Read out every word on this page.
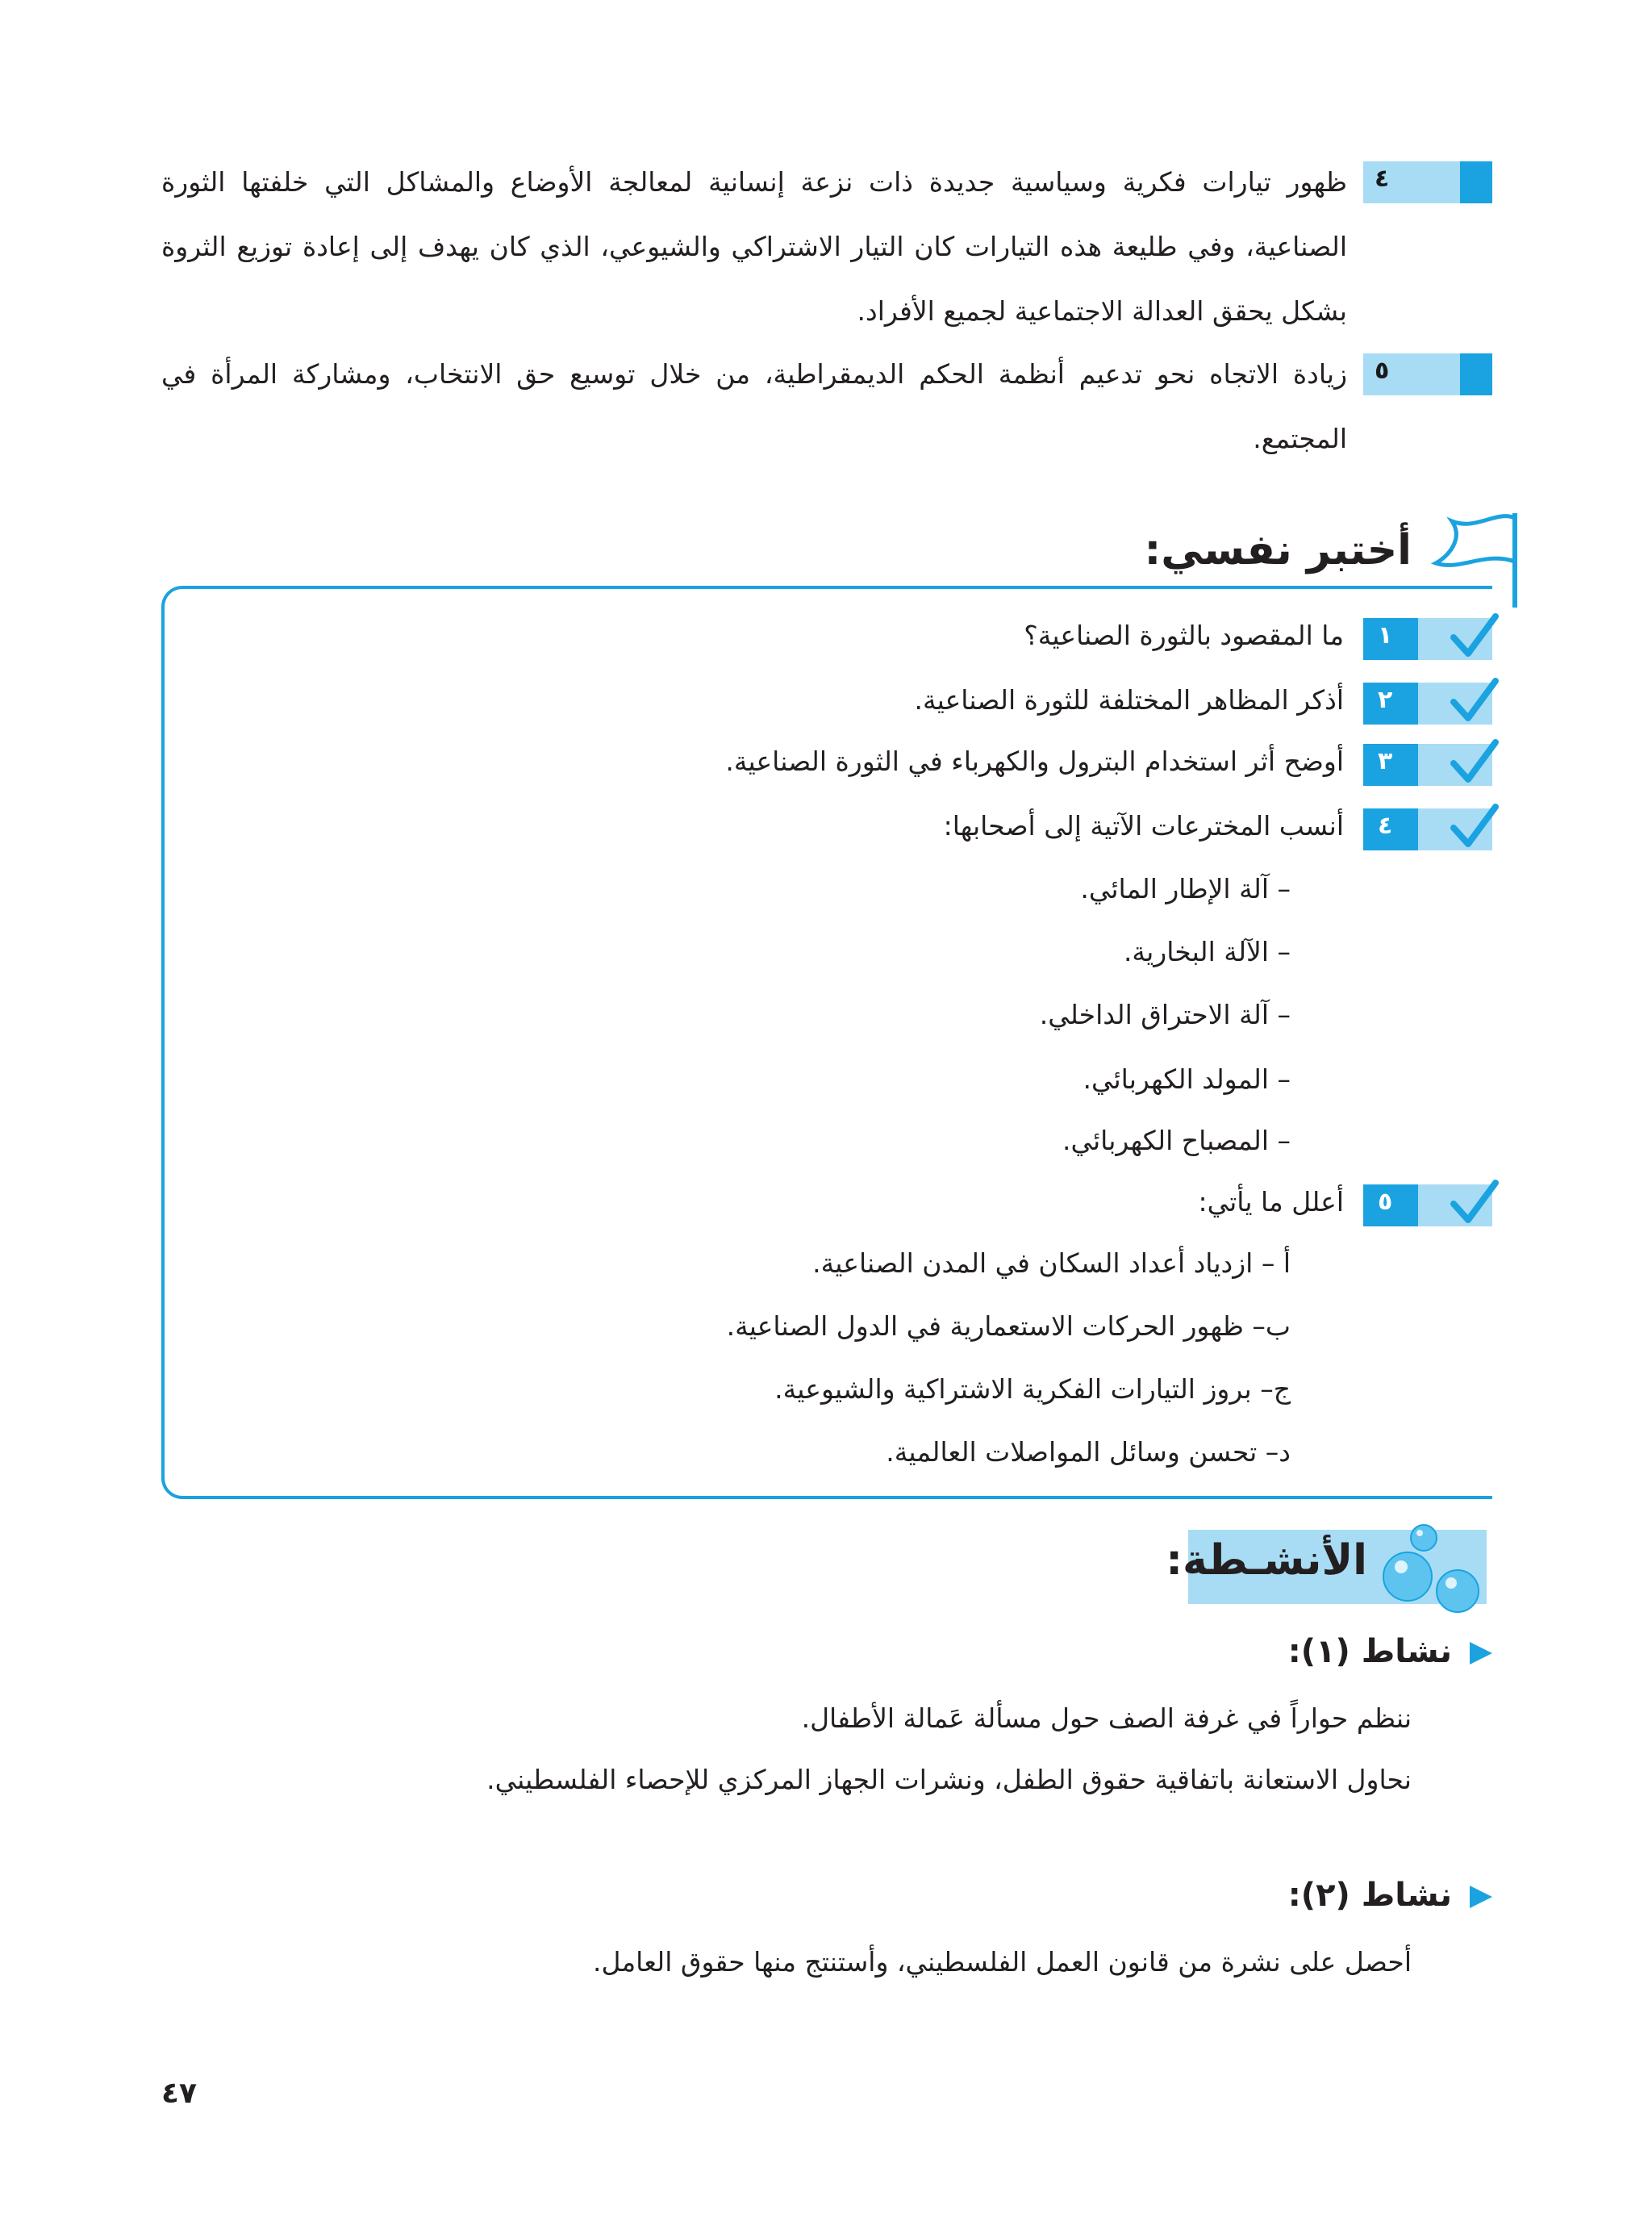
٤

ظهور تيارات فكرية وسياسية جديدة ذات نزعة إنسانية لمعالجة الأوضاع والمشاكل التي خلفتها الثورة الصناعية، وفي طليعة هذه التيارات كان التيار الاشتراكي والشيوعي، الذي كان يهدف إلى إعادة توزيع الثروة بشكل يحقق العدالة الاجتماعية لجميع الأفراد.

٥

زيادة الاتجاه نحو تدعيم أنظمة الحكم الديمقراطية، من خلال توسيع حق الانتخاب، ومشاركة المرأة في المجتمع.

أختبر نفسي:
١
ما المقصود بالثورة الصناعية؟
٢
أذكر المظاهر المختلفة للثورة الصناعية.
٣
أوضح أثر استخدام البترول والكهرباء في الثورة الصناعية.
٤
أنسب المخترعات الآتية إلى أصحابها:
– آلة الإطار المائي.
– الآلة البخارية.
– آلة الاحتراق الداخلي.
– المولد الكهربائي.
– المصباح الكهربائي.
٥
أعلل ما يأتي:
أ – ازدياد أعداد السكان في المدن الصناعية.
ب– ظهور الحركات الاستعمارية في الدول الصناعية.
ج– بروز التيارات الفكرية الاشتراكية والشيوعية.
د– تحسن وسائل المواصلات العالمية.
الأنشـطة:
نشاط (١):
ننظم حواراً في غرفة الصف حول مسألة عَمالة الأطفال.
نحاول الاستعانة باتفاقية حقوق الطفل، ونشرات الجهاز المركزي للإحصاء الفلسطيني.
نشاط (٢):
أحصل على نشرة من قانون العمل الفلسطيني، وأستنتج منها حقوق العامل.
٤٧
